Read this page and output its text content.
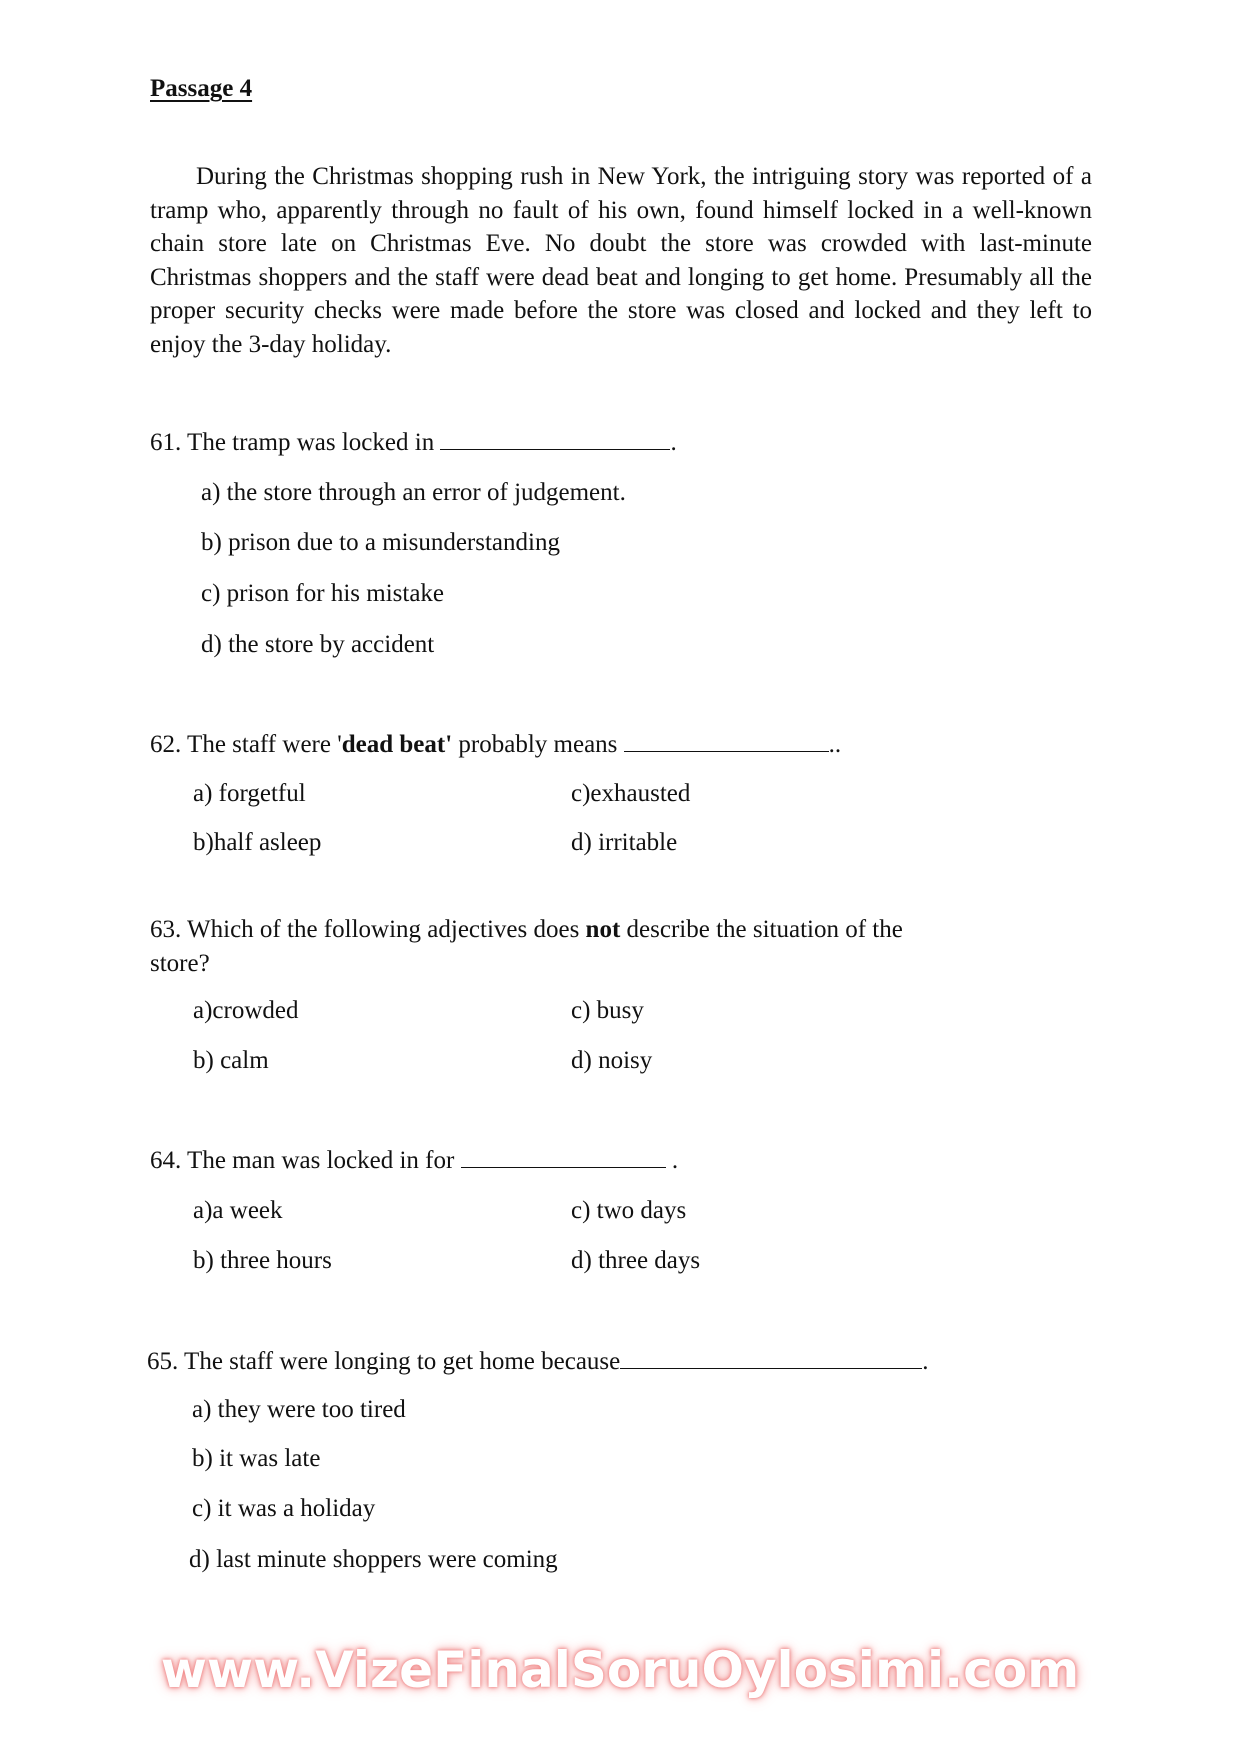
Passage 4
During the Christmas shopping rush in New York, the intriguing story was reported of a tramp who, apparently through no fault of his own, found himself locked in a well-known chain store late on Christmas Eve. No doubt the store was crowded with last-minute Christmas shoppers and the staff were dead beat and longing to get home. Presumably all the proper security checks were made before the store was closed and locked and they left to enjoy the 3-day holiday.
61. The tramp was locked in	.
a) the store through an error of judgement.
b) prison due to a misunderstanding
c) prison for his mistake
d) the store by accident
62. The staff were 'dead beat' probably means	..
a) forgetful
b)half asleep
c)exhausted
d) irritable
63. Which of the following adjectives does not describe the situation of the
store?
a)crowded
b) calm
c) busy
d) noisy
64. The man was locked in for	.
a)a week
b) three hours
c) two days
d) three days
65. The staff were longing to get home because	.
a) they were too tired
b) it was late
c) it was a holiday
d) last minute shoppers were coming
www.VizeFinalSoruOylosimi.com
